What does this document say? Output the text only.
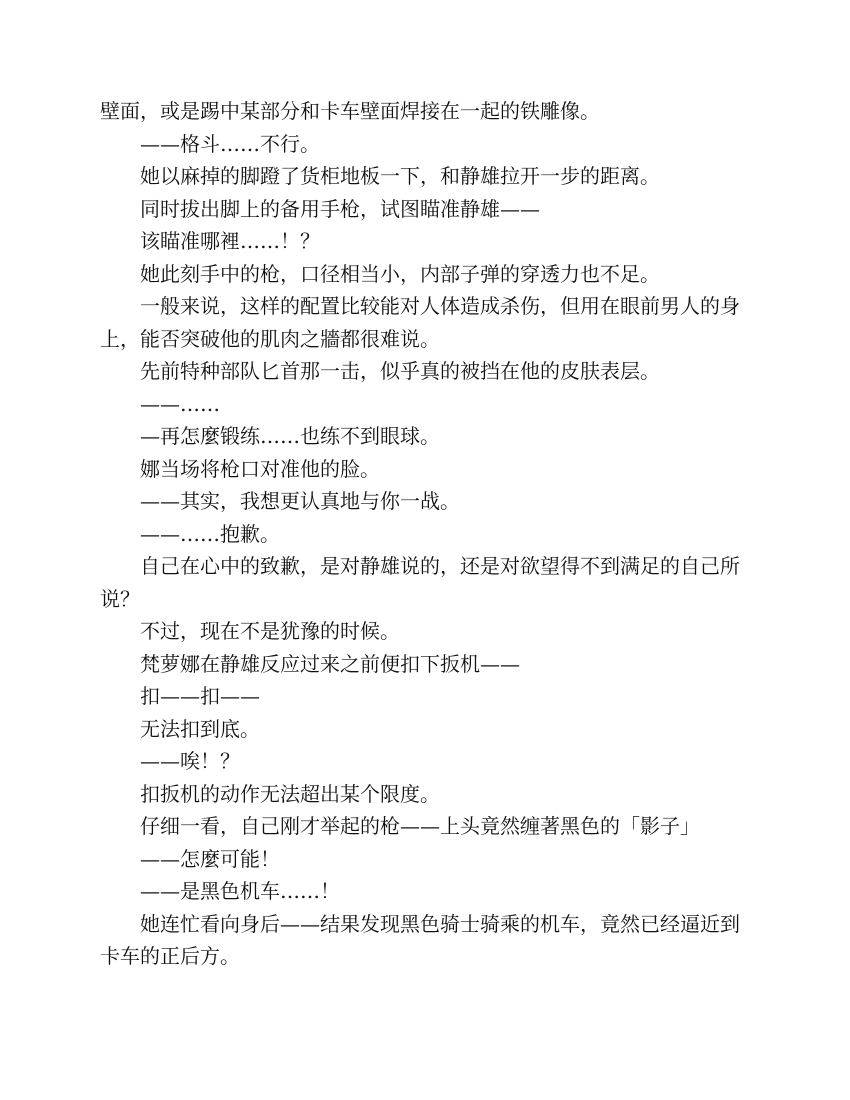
壁面，或是踢中某部分和卡车壁面焊接在一起的铁雕像。

——格斗……不行。

她以麻掉的脚蹬了货柜地板一下，和静雄拉开一步的距离。

同时拔出脚上的备用手枪，试图瞄准静雄——

该瞄准哪裡……！？

她此刻手中的枪，口径相当小，内部子弹的穿透力也不足。

一般来说，这样的配置比较能对人体造成杀伤，但用在眼前男人的身上，能否突破他的肌肉之牆都很难说。

先前特种部队匕首那一击，似乎真的被挡在他的皮肤表层。

——……

—再怎麼锻练……也练不到眼球。

娜当场将枪口对准他的脸。

——其实，我想更认真地与你一战。

——……抱歉。

自己在心中的致歉，是对静雄说的，还是对欲望得不到满足的自己所说？

不过，现在不是犹豫的时候。

梵萝娜在静雄反应过来之前便扣下扳机——

扣——扣——

无法扣到底。

——唉！？

扣扳机的动作无法超出某个限度。

仔细一看，自己刚才举起的枪——上头竟然缠著黑色的「影子」

——怎麼可能！

——是黑色机车……！

她连忙看向身后——结果发现黑色骑士骑乘的机车，竟然已经逼近到卡车的正后方。
